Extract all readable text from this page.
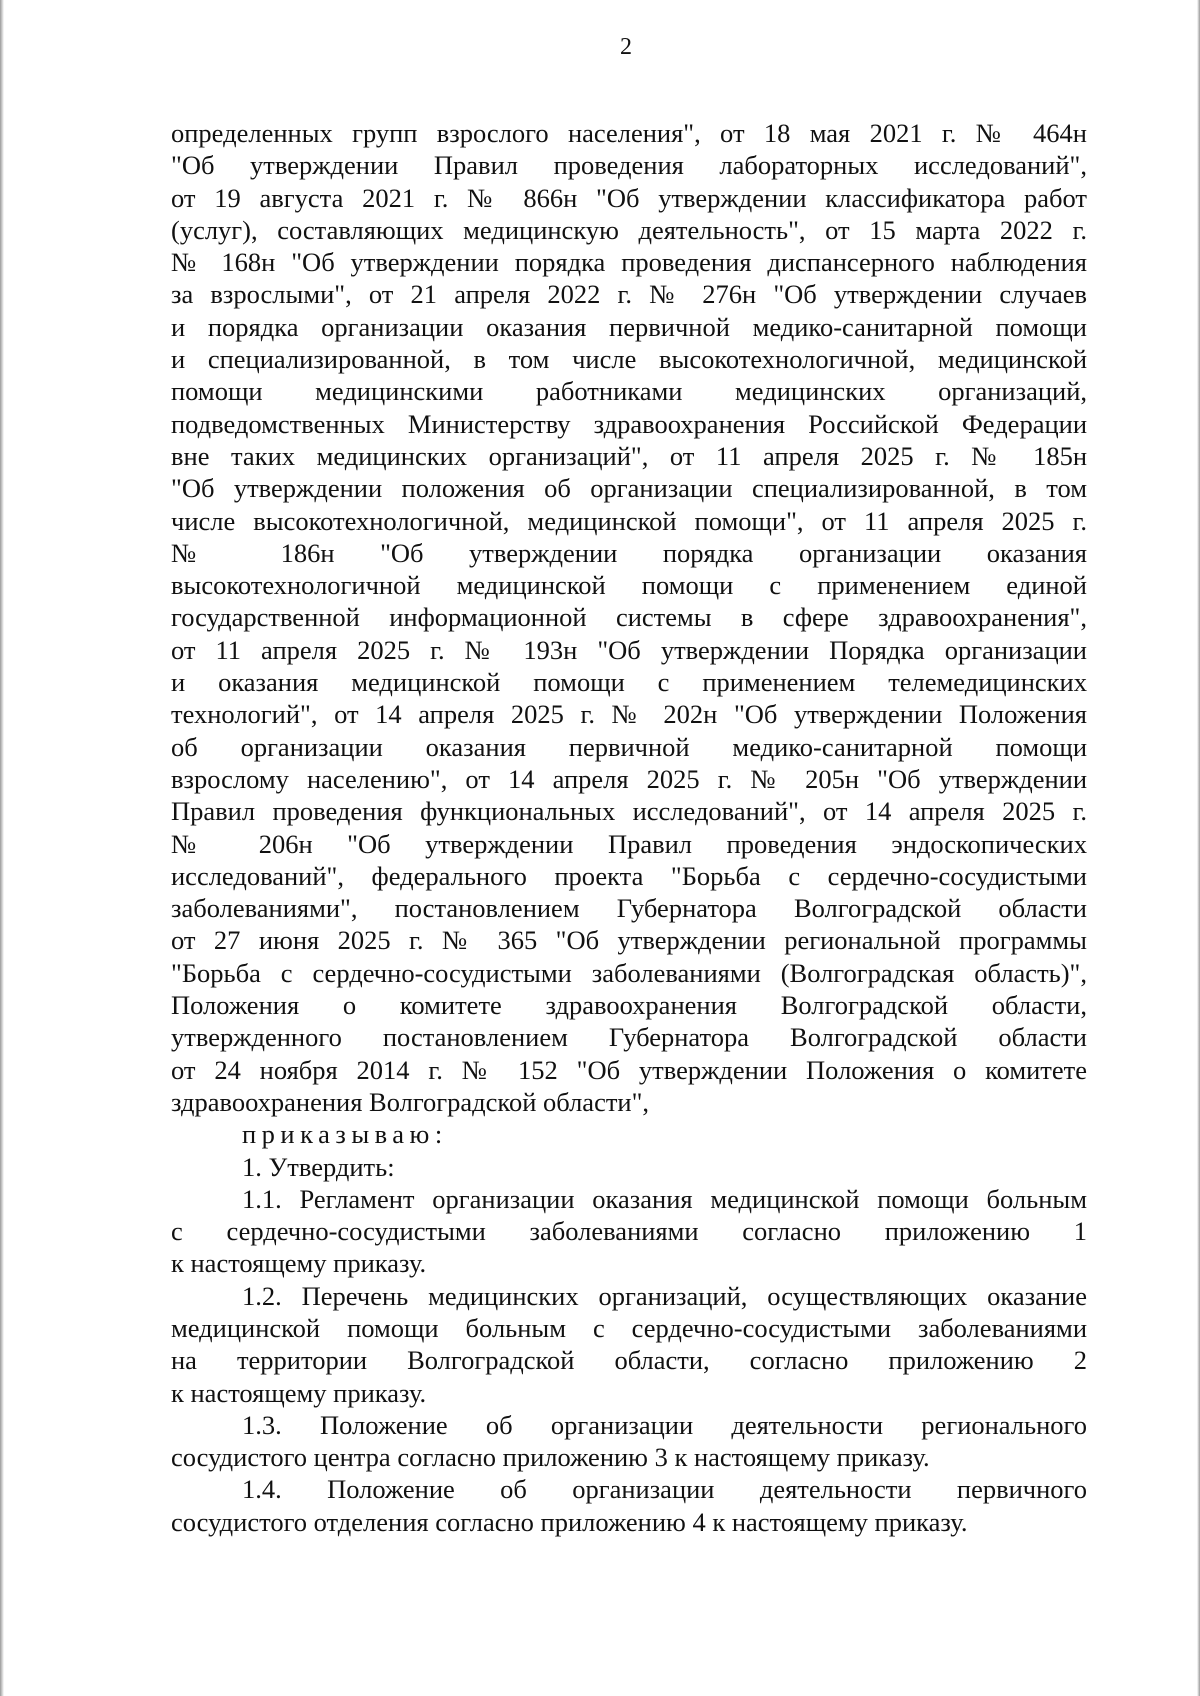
2

определенных групп взрослого населения", от 18 мая 2021 г. № 464н
"Об утверждении Правил проведения лабораторных исследований",
от 19 августа 2021 г. № 866н "Об утверждении классификатора работ
(услуг), составляющих медицинскую деятельность", от 15 марта 2022 г.
№ 168н "Об утверждении порядка проведения диспансерного наблюдения
за взрослыми", от 21 апреля 2022 г. № 276н "Об утверждении случаев
и порядка организации оказания первичной медико-санитарной помощи
и специализированной, в том числе высокотехнологичной, медицинской
помощи медицинскими работниками медицинских организаций,
подведомственных Министерству здравоохранения Российской Федерации
вне таких медицинских организаций", от 11 апреля 2025 г. № 185н
"Об утверждении положения об организации специализированной, в том
числе высокотехнологичной, медицинской помощи", от 11 апреля 2025 г.
№ 186н "Об утверждении порядка организации оказания
высокотехнологичной медицинской помощи с применением единой
государственной информационной системы в сфере здравоохранения",
от 11 апреля 2025 г. № 193н "Об утверждении Порядка организации
и оказания медицинской помощи с применением телемедицинских
технологий", от 14 апреля 2025 г. № 202н "Об утверждении Положения
об организации оказания первичной медико-санитарной помощи
взрослому населению", от 14 апреля 2025 г. № 205н "Об утверждении
Правил проведения функциональных исследований", от 14 апреля 2025 г.
№ 206н "Об утверждении Правил проведения эндоскопических
исследований", федерального проекта "Борьба с сердечно-сосудистыми
заболеваниями", постановлением Губернатора Волгоградской области
от 27 июня 2025 г. № 365 "Об утверждении региональной программы
"Борьба с сердечно-сосудистыми заболеваниями (Волгоградская область)",
Положения о комитете здравоохранения Волгоградской области,
утвержденного постановлением Губернатора Волгоградской области
от 24 ноября 2014 г. № 152 "Об утверждении Положения о комитете
здравоохранения Волгоградской области",

приказываю:

1. Утвердить:

1.1. Регламент организации оказания медицинской помощи больным
с сердечно-сосудистыми заболеваниями согласно приложению 1
к настоящему приказу.

1.2. Перечень медицинских организаций, осуществляющих оказание
медицинской помощи больным с сердечно-сосудистыми заболеваниями
на территории Волгоградской области, согласно приложению 2
к настоящему приказу.

1.3. Положение об организации деятельности регионального
сосудистого центра согласно приложению 3 к настоящему приказу.

1.4. Положение об организации деятельности первичного
сосудистого отделения согласно приложению 4 к настоящему приказу.
